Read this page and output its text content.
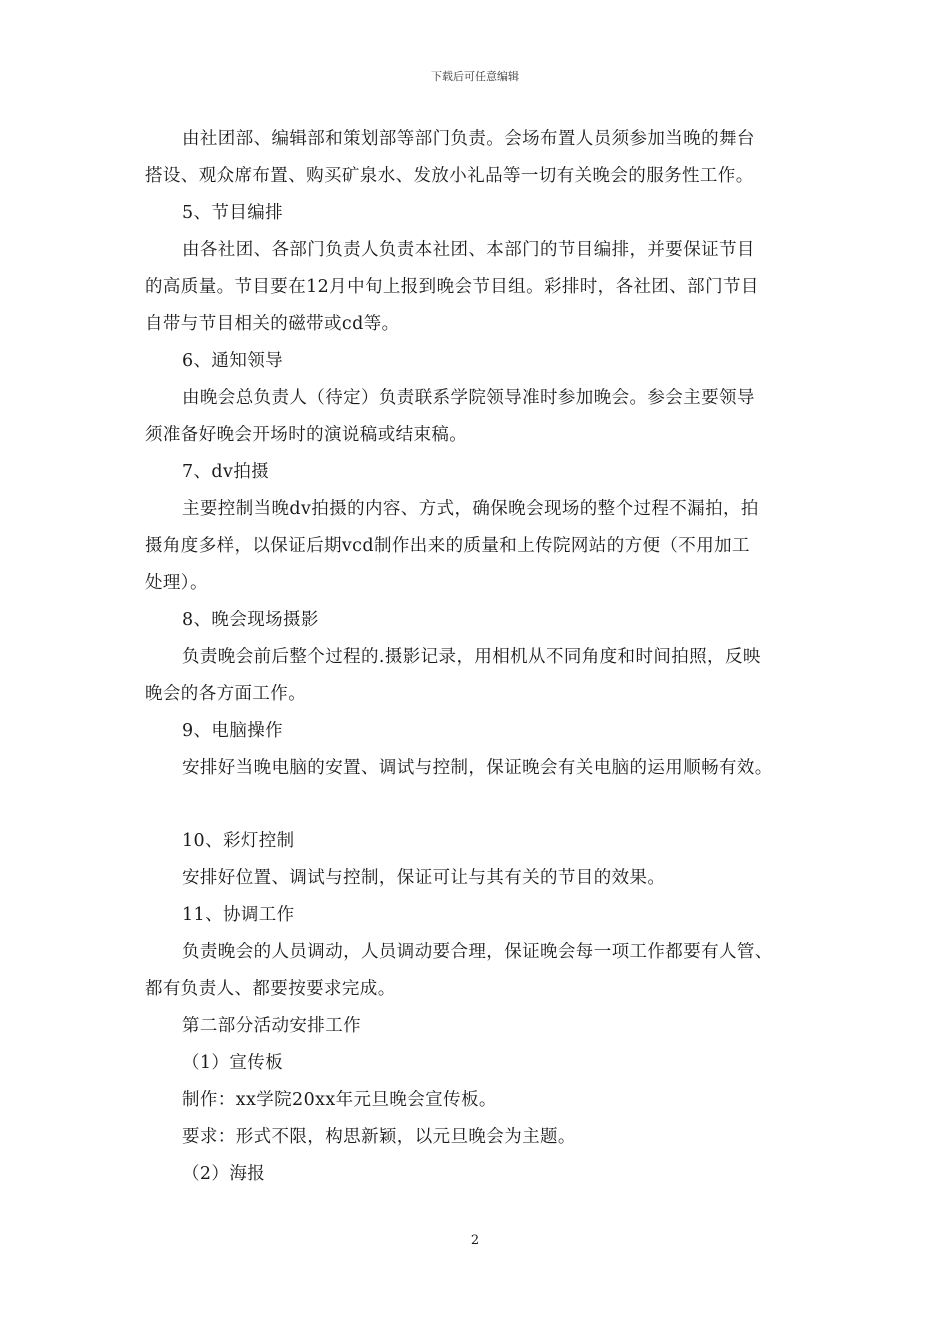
下载后可任意编辑
由社团部、编辑部和策划部等部门负责。会场布置人员须参加当晚的舞台
搭设、观众席布置、购买矿泉水、发放小礼品等一切有关晚会的服务性工作。
5、节目编排
由各社团、各部门负责人负责本社团、本部门的节目编排，并要保证节目
的高质量。节目要在12月中旬上报到晚会节目组。彩排时，各社团、部门节目
自带与节目相关的磁带或cd等。
6、通知领导
由晚会总负责人（待定）负责联系学院领导准时参加晚会。参会主要领导
须准备好晚会开场时的演说稿或结束稿。
7、dv拍摄
主要控制当晚dv拍摄的内容、方式，确保晚会现场的整个过程不漏拍，拍
摄角度多样，以保证后期vcd制作出来的质量和上传院网站的方便（不用加工
处理）。
8、晚会现场摄影
负责晚会前后整个过程的.摄影记录，用相机从不同角度和时间拍照，反映
晚会的各方面工作。
9、电脑操作
安排好当晚电脑的安置、调试与控制，保证晚会有关电脑的运用顺畅有效。
10、彩灯控制
安排好位置、调试与控制，保证可让与其有关的节目的效果。
11、协调工作
负责晚会的人员调动，人员调动要合理，保证晚会每一项工作都要有人管、
都有负责人、都要按要求完成。
第二部分活动安排工作
（1）宣传板
制作：xx学院20xx年元旦晚会宣传板。
要求：形式不限，构思新颖，以元旦晚会为主题。
（2）海报
2
